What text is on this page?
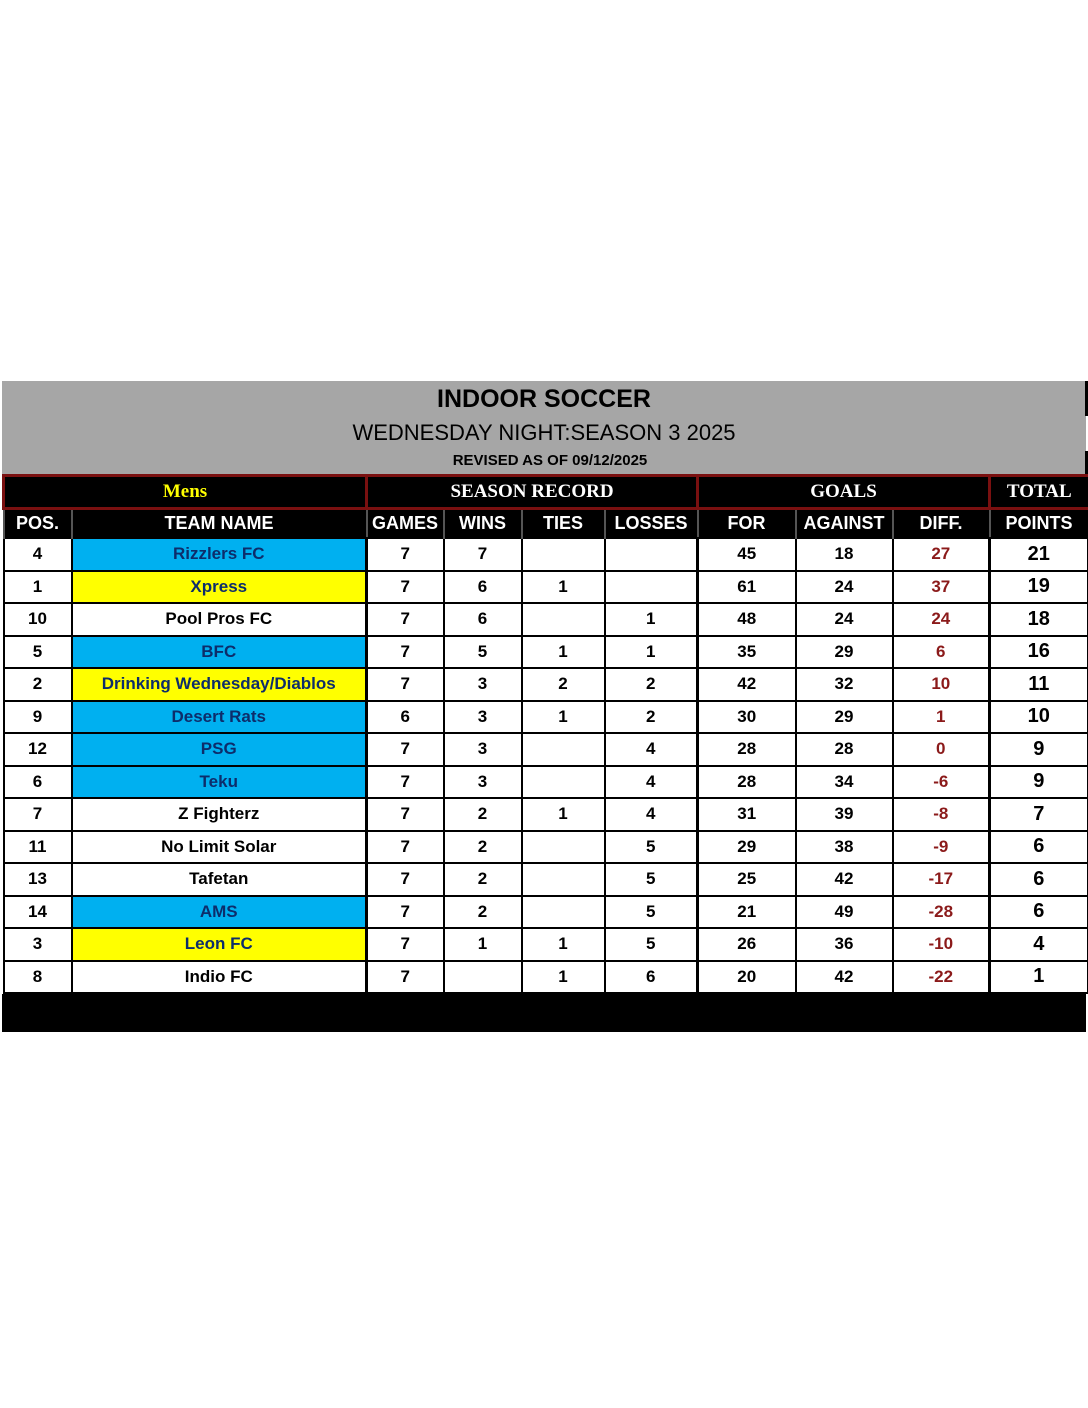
INDOOR SOCCER
WEDNESDAY NIGHT:SEASON 3 2025
REVISED AS OF 09/12/2025
Mens		SEASON RECORD				GOALS			TOTAL
POS.	TEAM NAME	GAMES	WINS	TIES	LOSSES	FOR	AGAINST	DIFF.	POINTS
4	Rizzlers FC	7	7			45	18	27	21
1	Xpress	7	6	1		61	24	37	19
10	Pool Pros FC	7	6		1	48	24	24	18
5	BFC	7	5	1	1	35	29	6	16
2	Drinking Wednesday/Diablos	7	3	2	2	42	32	10	11
9	Desert Rats	6	3	1	2	30	29	1	10
12	PSG	7	3		4	28	28	0	9
6	Teku	7	3		4	28	34	-6	9
7	Z Fighterz	7	2	1	4	31	39	-8	7
11	No Limit Solar	7	2		5	29	38	-9	6
13	Tafetan	7	2		5	25	42	-17	6
14	AMS	7	2		5	21	49	-28	6
3	Leon FC	7	1	1	5	26	36	-10	4
8	Indio FC	7		1	6	20	42	-22	1
